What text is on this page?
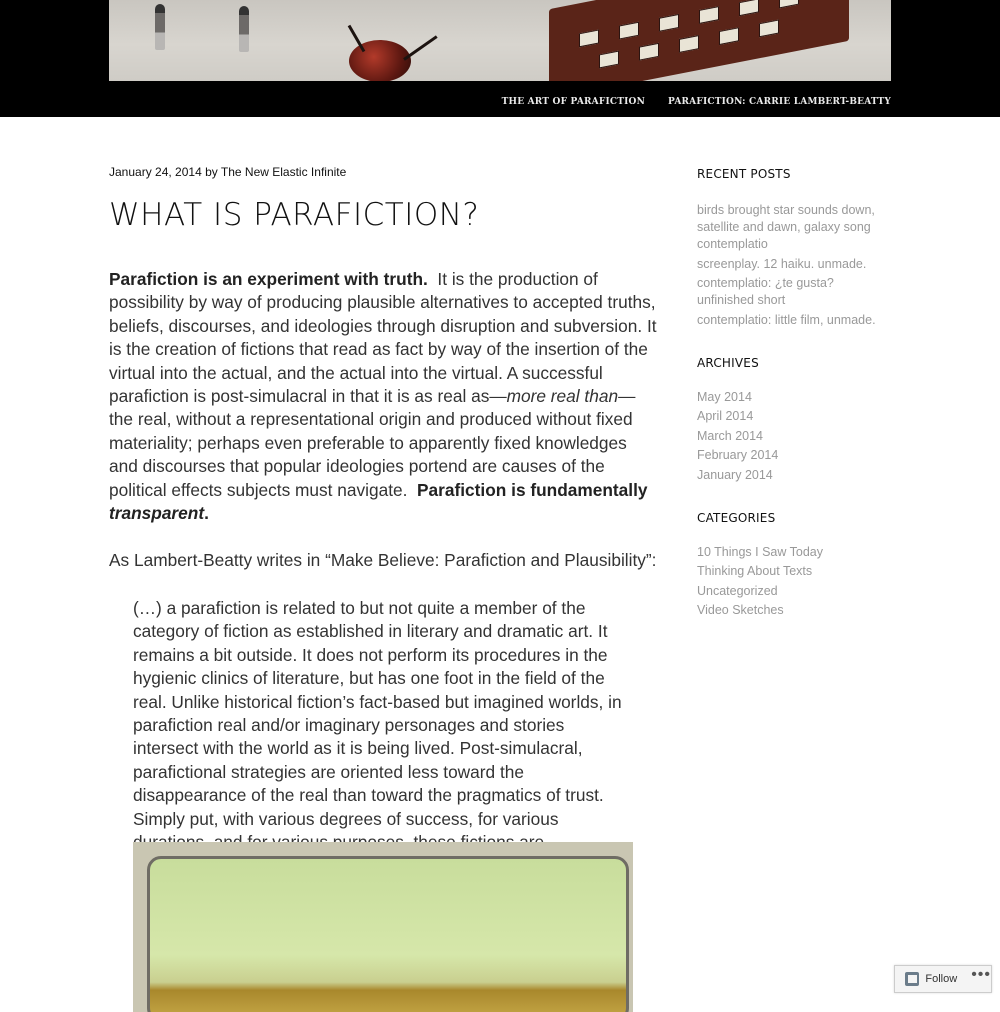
THE ART OF PARAFICTION	PARAFICTION: CARRIE LAMBERT-BEATTY
January 24, 2014 by The New Elastic Infinite
WHAT IS PARAFICTION?

Parafiction is an experiment with truth. It is the production of possibility by way of producing plausible alternatives to accepted truths, beliefs, discourses, and ideologies through disruption and subversion. It is the creation of fictions that read as fact by way of the insertion of the virtual into the actual, and the actual into the virtual. A successful parafiction is post-simulacral in that it is as real as—more real than—the real, without a representational origin and produced without fixed materiality; perhaps even preferable to apparently fixed knowledges and discourses that popular ideologies portend are causes of the political effects subjects must navigate. Parafiction is fundamentally transparent.

As Lambert-Beatty writes in “Make Believe: Parafiction and Plausibility”:

(…) a parafiction is related to but not quite a member of the category of fiction as established in literary and dramatic art. It remains a bit outside. It does not perform its procedures in the hygienic clinics of literature, but has one foot in the field of the real. Unlike historical fiction’s fact-based but imagined worlds, in parafiction real and/or imaginary personages and stories intersect with the world as it is being lived. Post-simulacral, parafictional strategies are oriented less toward the disappearance of the real than toward the pragmatics of trust. Simply put, with various degrees of success, for various

RECENT POSTS
birds brought star sounds down, satellite and dawn, galaxy song contemplatio
screenplay. 12 haiku. unmade.
contemplatio: ¿te gusta? unfinished short
contemplatio: little film, unmade.
ARCHIVES
May 2014
April 2014
March 2014
February 2014
January 2014
CATEGORIES
10 Things I Saw Today
Thinking About Texts
Uncategorized
Video Sketches
Follow •••
